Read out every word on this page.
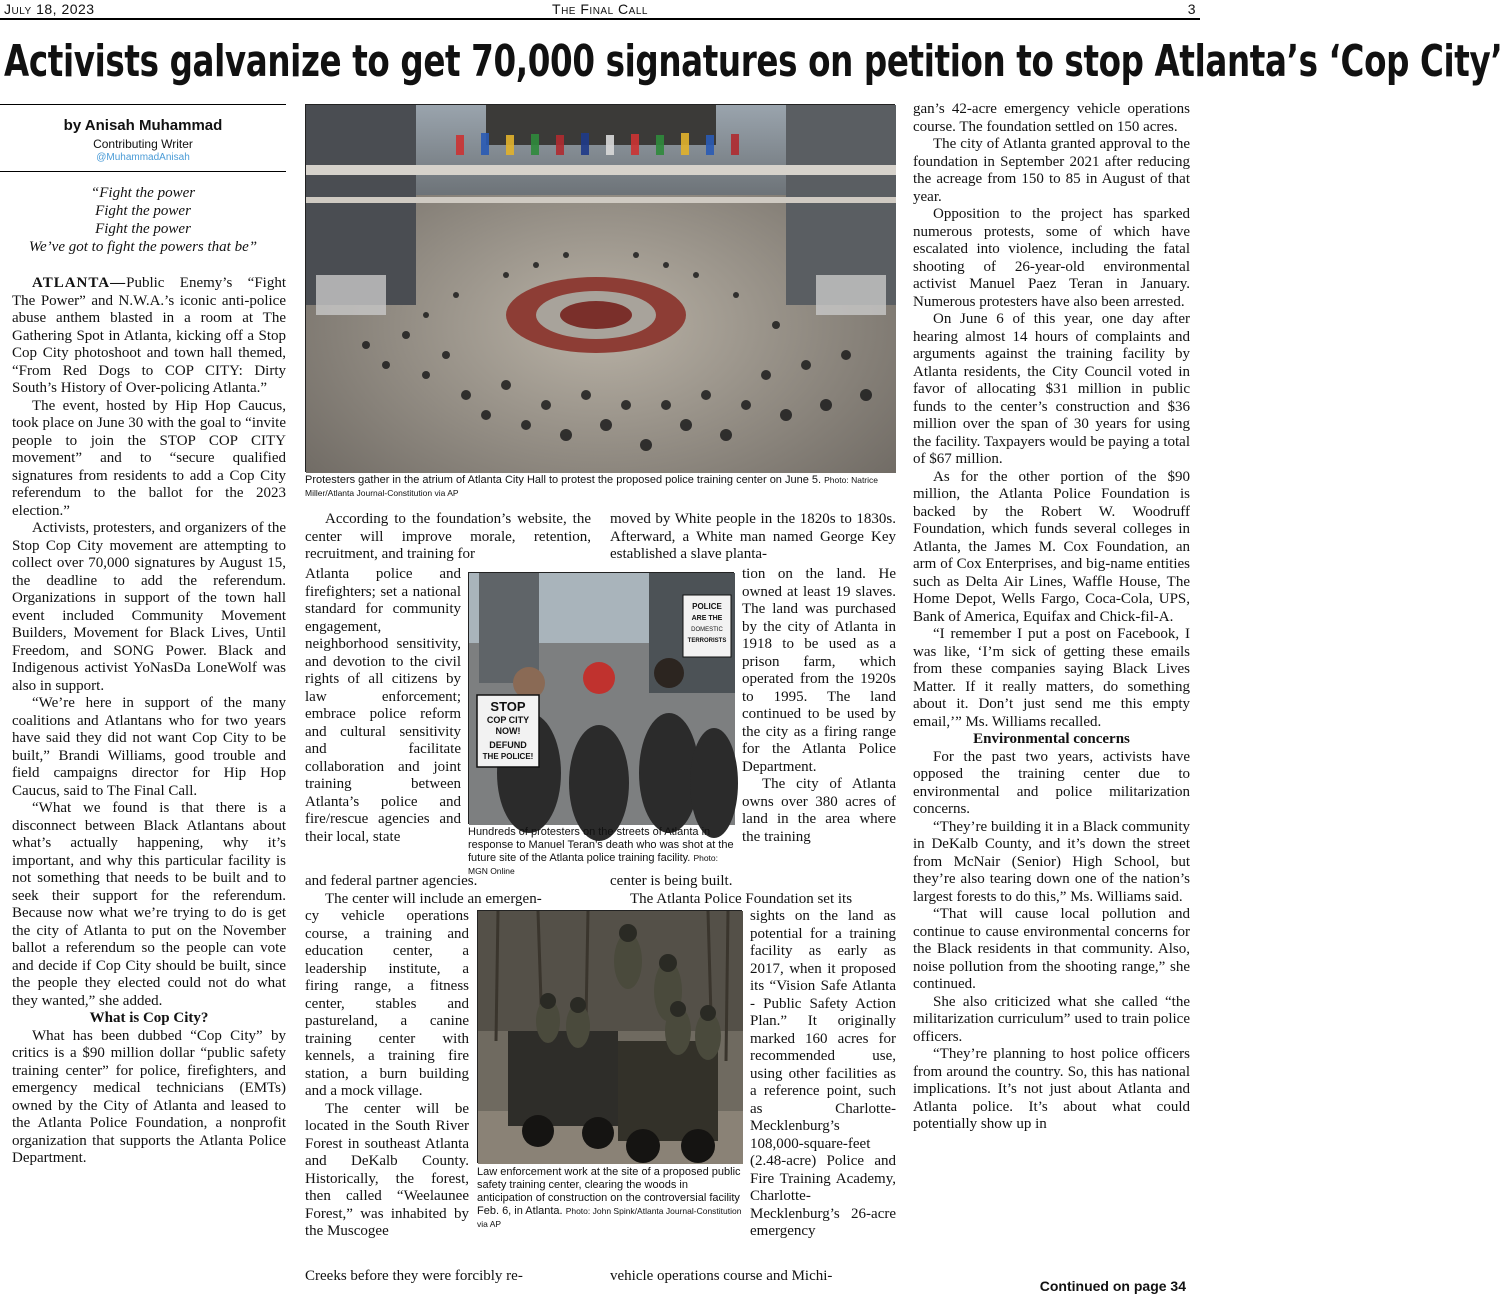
July 18, 2023	The Final Call	3
Activists galvanize to get 70,000 signatures on petition to stop Atlanta’s ‘Cop City’
by Anisah Muhammad
Contributing Writer
@MuhammadAnisah
“Fight the power
Fight the power
Fight the power
We’ve got to fight the powers that be”

ATLANTA—Public Enemy’s “Fight The Power” and N.W.A.’s iconic anti-police abuse anthem blasted in a room at The Gathering Spot in Atlanta, kicking off a Stop Cop City photoshoot and town hall themed, “From Red Dogs to COP CITY: Dirty South’s History of Over-policing Atlanta.”

The event, hosted by Hip Hop Caucus, took place on June 30 with the goal to “invite people to join the STOP COP CITY movement” and to “secure qualified signatures from residents to add a Cop City referendum to the ballot for the 2023 election.”

Activists, protesters, and organizers of the Stop Cop City movement are attempting to collect over 70,000 signatures by August 15, the deadline to add the referendum. Organizations in support of the town hall event included Community Movement Builders, Movement for Black Lives, Until Freedom, and SONG Power. Black and Indigenous activist YoNasDa LoneWolf was also in support.

“We’re here in support of the many coalitions and Atlantans who for two years have said they did not want Cop City to be built,” Brandi Williams, good trouble and field campaigns director for Hip Hop Caucus, said to The Final Call.

“What we found is that there is a disconnect between Black Atlantans about what’s actually happening, why it’s important, and why this particular facility is not something that needs to be built and to seek their support for the referendum. Because now what we’re trying to do is get the city of Atlanta to put on the November ballot a referendum so the people can vote and decide if Cop City should be built, since the people they elected could not do what they wanted,” she added.

What is Cop City?

What has been dubbed “Cop City” by critics is a $90 million dollar “public safety training center” for police, firefighters, and emergency medical technicians (EMTs) owned by the City of Atlanta and leased to the Atlanta Police Foundation, a nonprofit organization that supports the Atlanta Police Department.

Protesters gather in the atrium of Atlanta City Hall to protest the proposed police training center on June 5. Photo: Natrice Miller/Atlanta Journal-Constitution via AP

According to the foundation’s website, the center will improve morale, retention, recruitment, and training for

Atlanta police and firefighters; set a national standard for community engagement, neighborhood sensitivity, and devotion to the civil rights of all citizens by law enforcement; embrace police reform and cultural sensitivity and facilitate collaboration and joint training between Atlanta’s police and fire/rescue agencies and their local, state

and federal partner agencies.

The center will include an emergen-

cy vehicle operations course, a training and education center, a leadership institute, a firing range, a fitness center, stables and pastureland, a canine training center with kennels, a training fire station, a burn building and a mock village.

The center will be located in the South River Forest in southeast Atlanta and DeKalb County. Historically, the forest, then called “Weelaunee Forest,” was inhabited by the Muscogee

Creeks before they were forcibly re-

STOP
COP CITY
NOW!
DEFUND
THE POLICE!
POLICE
ARE THE
DOMESTIC
TERRORISTS
Hundreds of protesters on the streets of Atlanta in response to Manuel Teran’s death who was shot at the future site of the Atlanta police training facility. Photo: MGN Online

moved by White people in the 1820s to 1830s. Afterward, a White man named George Key established a slave planta-

tion on the land. He owned at least 19 slaves. The land was purchased by the city of Atlanta in 1918 to be used as a prison farm, which operated from the 1920s to 1995. The land continued to be used by the city as a firing range for the Atlanta Police Department.

The city of Atlanta owns over 380 acres of land in the area where the training

center is being built.

The Atlanta Police Foundation set its

sights on the land as potential for a training facility as early as 2017, when it proposed its “Vision Safe Atlanta - Public Safety Action Plan.” It originally marked 160 acres for recommended use, using other facilities as a reference point, such as Charlotte-Mecklenburg’s 108,000-square-feet (2.48-acre) Police and Fire Training Academy, Charlotte-Mecklenburg’s 26-acre emergency

vehicle operations course and Michi-

Law enforcement work at the site of a proposed public safety training center, clearing the woods in anticipation of construction on the controversial facility Feb. 6, in Atlanta. Photo: John Spink/Atlanta Journal-Constitution via AP

gan’s 42-acre emergency vehicle operations course. The foundation settled on 150 acres.

The city of Atlanta granted approval to the foundation in September 2021 after reducing the acreage from 150 to 85 in August of that year.

Opposition to the project has sparked numerous protests, some of which have escalated into violence, including the fatal shooting of 26-year-old environmental activist Manuel Paez Teran in January. Numerous protesters have also been arrested.

On June 6 of this year, one day after hearing almost 14 hours of complaints and arguments against the training facility by Atlanta residents, the City Council voted in favor of allocating $31 million in public funds to the center’s construction and $36 million over the span of 30 years for using the facility. Taxpayers would be paying a total of $67 million.

As for the other portion of the $90 million, the Atlanta Police Foundation is backed by the Robert W. Woodruff Foundation, which funds several colleges in Atlanta, the James M. Cox Foundation, an arm of Cox Enterprises, and big-name entities such as Delta Air Lines, Waffle House, The Home Depot, Wells Fargo, Coca-Cola, UPS, Bank of America, Equifax and Chick-fil-A.

“I remember I put a post on Facebook, I was like, ‘I’m sick of getting these emails from these companies saying Black Lives Matter. If it really matters, do something about it. Don’t just send me this empty email,’” Ms. Williams recalled.

Environmental concerns

For the past two years, activists have opposed the training center due to environmental and police militarization concerns.

“They’re building it in a Black community in DeKalb County, and it’s down the street from McNair (Senior) High School, but they’re also tearing down one of the nation’s largest forests to do this,” Ms. Williams said.

“That will cause local pollution and continue to cause environmental concerns for the Black residents in that community. Also, noise pollution from the shooting range,” she continued.

She also criticized what she called “the militarization curriculum” used to train police officers.

“They’re planning to host police officers from around the country. So, this has national implications. It’s not just about Atlanta and Atlanta police. It’s about what could potentially show up in

Continued on page 34
